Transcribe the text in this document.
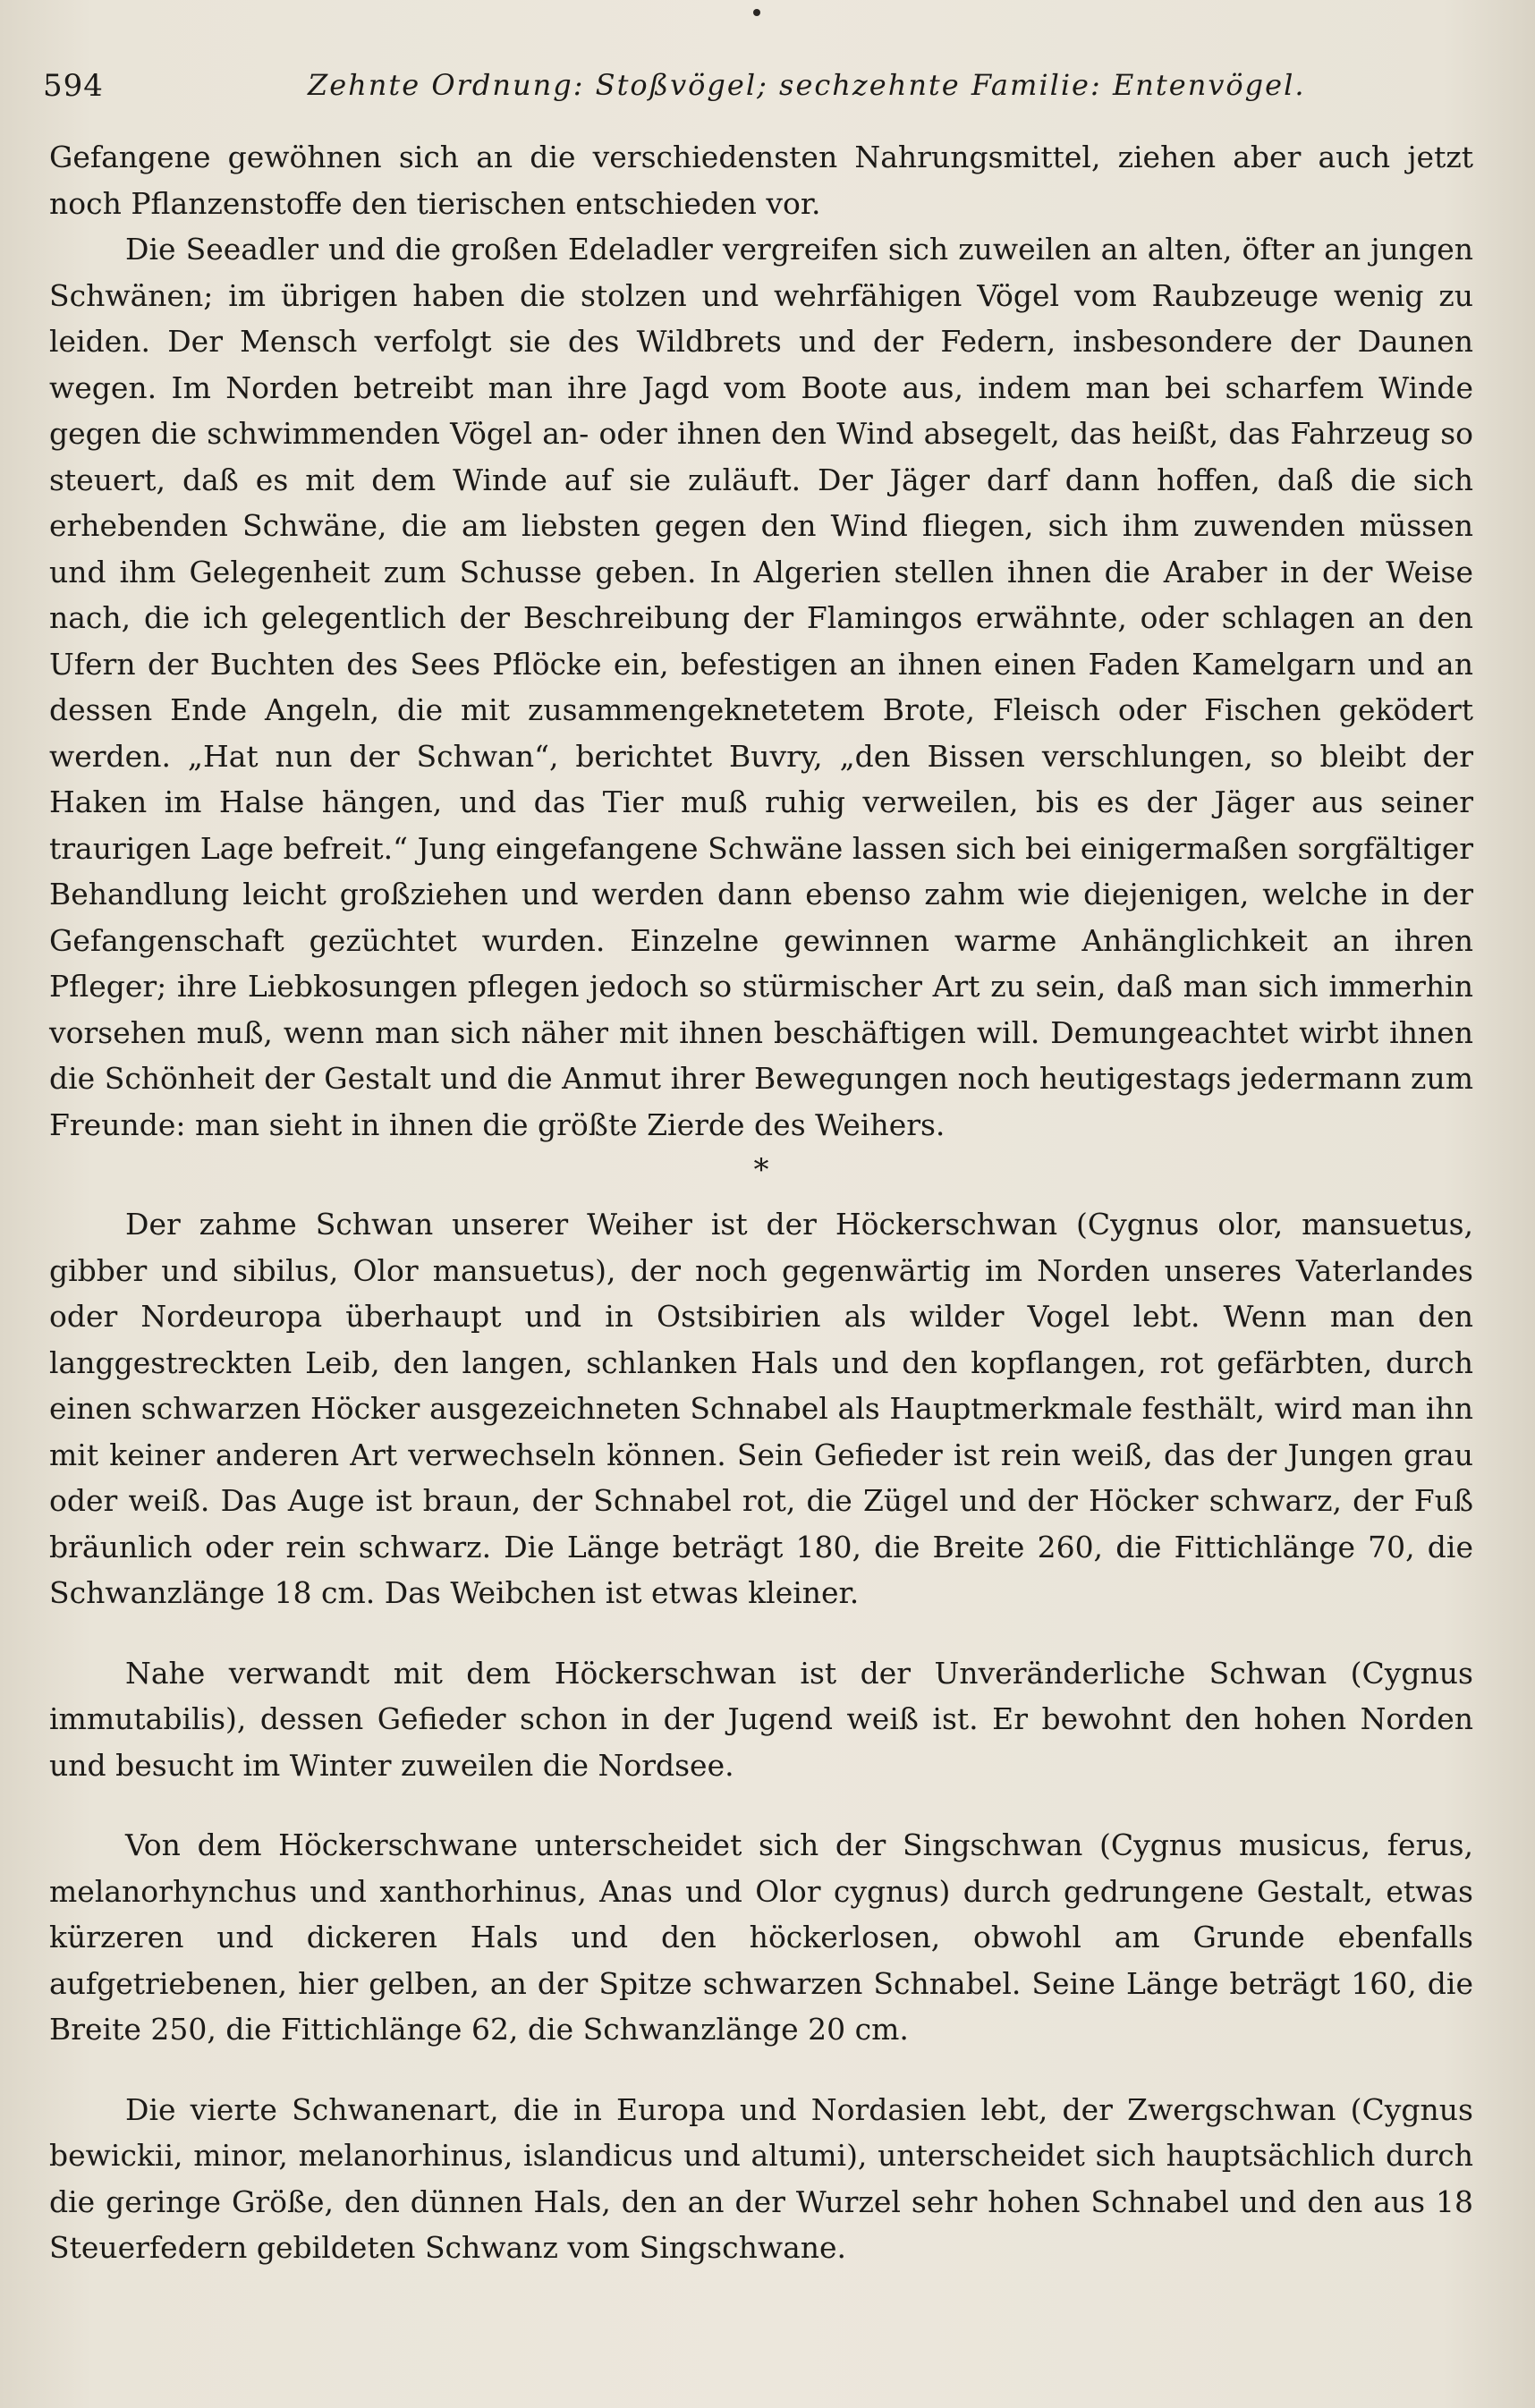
594	Zehnte Ordnung: Stoßvögel; sechzehnte Familie: Entenvögel.

Gefangene gewöhnen sich an die verschiedensten Nahrungsmittel, ziehen aber auch jetzt noch Pflanzenstoffe den tierischen entschieden vor.

Die Seeadler und die großen Edeladler vergreifen sich zuweilen an alten, öfter an jungen Schwänen; im übrigen haben die stolzen und wehrfähigen Vögel vom Raubzeuge wenig zu leiden. Der Mensch verfolgt sie des Wildbrets und der Federn, insbesondere der Daunen wegen. Im Norden betreibt man ihre Jagd vom Boote aus, indem man bei scharfem Winde gegen die schwimmenden Vögel an- oder ihnen den Wind absegelt, das heißt, das Fahrzeug so steuert, daß es mit dem Winde auf sie zuläuft. Der Jäger darf dann hoffen, daß die sich erhebenden Schwäne, die am liebsten gegen den Wind fliegen, sich ihm zuwenden müssen und ihm Gelegenheit zum Schusse geben. In Algerien stellen ihnen die Araber in der Weise nach, die ich gelegentlich der Beschreibung der Flamingos erwähnte, oder schlagen an den Ufern der Buchten des Sees Pflöcke ein, befestigen an ihnen einen Faden Kamelgarn und an dessen Ende Angeln, die mit zusammengeknetetem Brote, Fleisch oder Fischen geködert werden. „Hat nun der Schwan“, berichtet Buvry, „den Bissen verschlungen, so bleibt der Haken im Halse hängen, und das Tier muß ruhig verweilen, bis es der Jäger aus seiner traurigen Lage befreit.“ Jung eingefangene Schwäne lassen sich bei einigermaßen sorgfältiger Behandlung leicht großziehen und werden dann ebenso zahm wie diejenigen, welche in der Gefangenschaft gezüchtet wurden. Einzelne gewinnen warme Anhänglichkeit an ihren Pfleger; ihre Liebkosungen pflegen jedoch so stürmischer Art zu sein, daß man sich immerhin vorsehen muß, wenn man sich näher mit ihnen beschäftigen will. Demungeachtet wirbt ihnen die Schönheit der Gestalt und die Anmut ihrer Bewegungen noch heutigestags jedermann zum Freunde: man sieht in ihnen die größte Zierde des Weihers.

*

Der zahme Schwan unserer Weiher ist der Höckerschwan (Cygnus olor, mansuetus, gibber und sibilus, Olor mansuetus), der noch gegenwärtig im Norden unseres Vaterlandes oder Nordeuropa überhaupt und in Ostsibirien als wilder Vogel lebt. Wenn man den langgestreckten Leib, den langen, schlanken Hals und den kopflangen, rot gefärbten, durch einen schwarzen Höcker ausgezeichneten Schnabel als Hauptmerkmale festhält, wird man ihn mit keiner anderen Art verwechseln können. Sein Gefieder ist rein weiß, das der Jungen grau oder weiß. Das Auge ist braun, der Schnabel rot, die Zügel und der Höcker schwarz, der Fuß bräunlich oder rein schwarz. Die Länge beträgt 180, die Breite 260, die Fittichlänge 70, die Schwanzlänge 18 cm. Das Weibchen ist etwas kleiner.

Nahe verwandt mit dem Höckerschwan ist der Unveränderliche Schwan (Cygnus immutabilis), dessen Gefieder schon in der Jugend weiß ist. Er bewohnt den hohen Norden und besucht im Winter zuweilen die Nordsee.

Von dem Höckerschwane unterscheidet sich der Singschwan (Cygnus musicus, ferus, melanorhynchus und xanthorhinus, Anas und Olor cygnus) durch gedrungene Gestalt, etwas kürzeren und dickeren Hals und den höckerlosen, obwohl am Grunde ebenfalls aufgetriebenen, hier gelben, an der Spitze schwarzen Schnabel. Seine Länge beträgt 160, die Breite 250, die Fittichlänge 62, die Schwanzlänge 20 cm.

Die vierte Schwanenart, die in Europa und Nordasien lebt, der Zwergschwan (Cygnus bewickii, minor, melanorhinus, islandicus und altumi), unterscheidet sich hauptsächlich durch die geringe Größe, den dünnen Hals, den an der Wurzel sehr hohen Schnabel und den aus 18 Steuerfedern gebildeten Schwanz vom Singschwane.
